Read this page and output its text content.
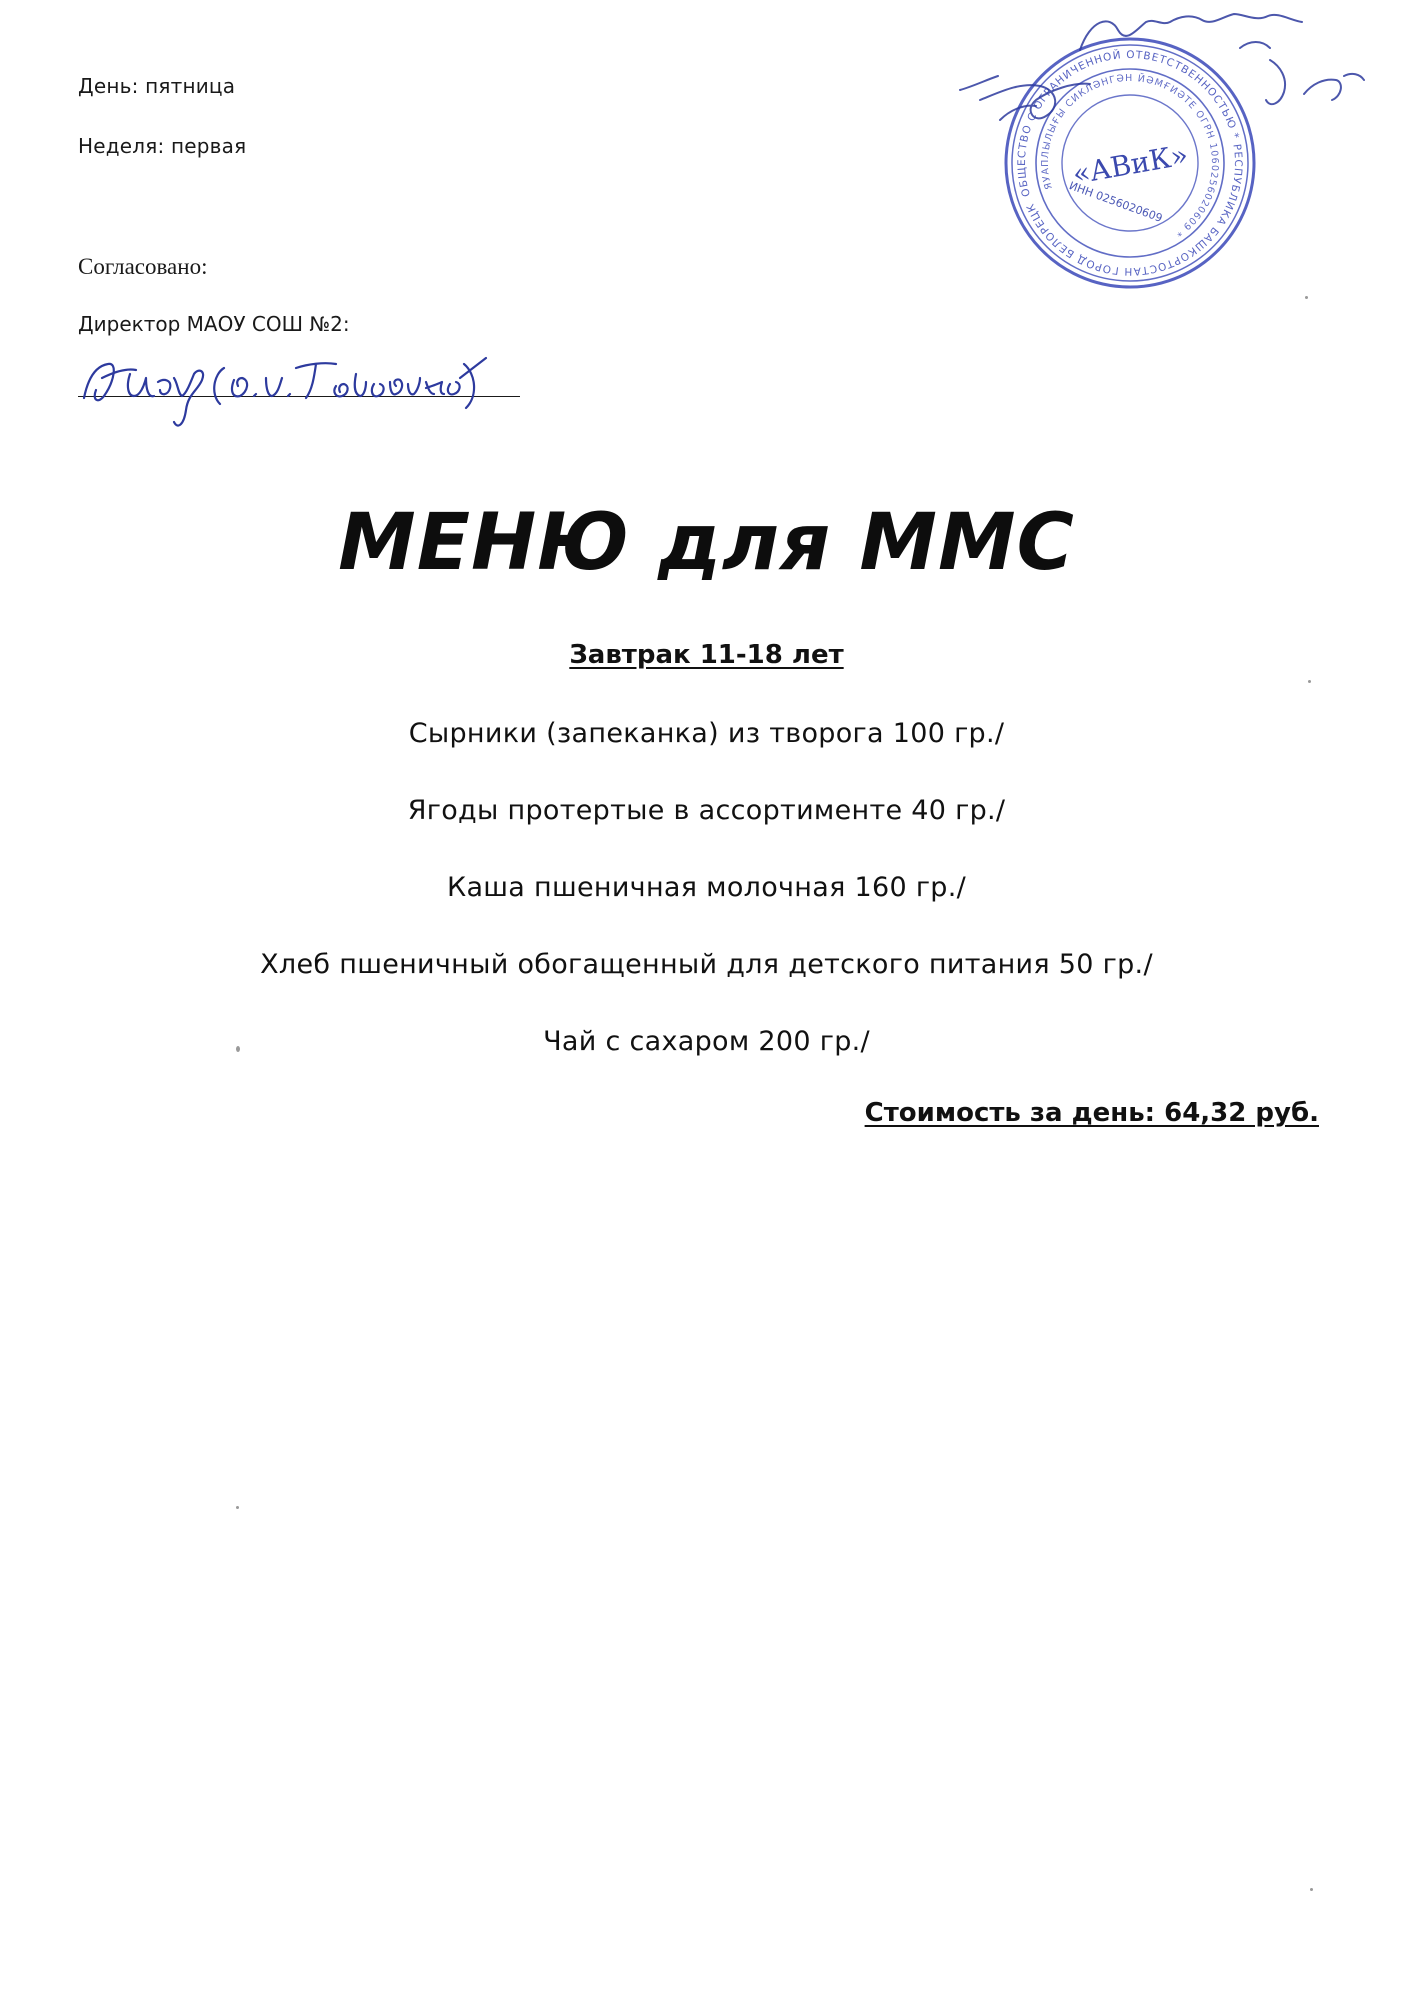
День: пятница
Неделя: первая
Согласовано:
Директор МАОУ СОШ №2:
ОБЩЕСТВО С ОГРАНИЧЕННОЙ ОТВЕТСТВЕННОСТЬЮ * РЕСПУБЛИКА БАШКОРТОСТАН ГОРОД БЕЛОРЕЦК
ЯУАПЛЫЛЫҒЫ СИКЛӘНГӘН ЙӘМҒИӘТЕ ОГРН 1060256020609 *
«АВиК»
ИНН 0256020609
МЕНЮ для ММС
Завтрак 11-18 лет
Сырники (запеканка) из творога 100 гр./
Ягоды протертые в ассортименте 40 гр./
Каша пшеничная молочная 160 гр./
Хлеб пшеничный обогащенный для детского питания 50 гр./
Чай с сахаром 200 гр./
Стоимость за день: 64,32 руб.
